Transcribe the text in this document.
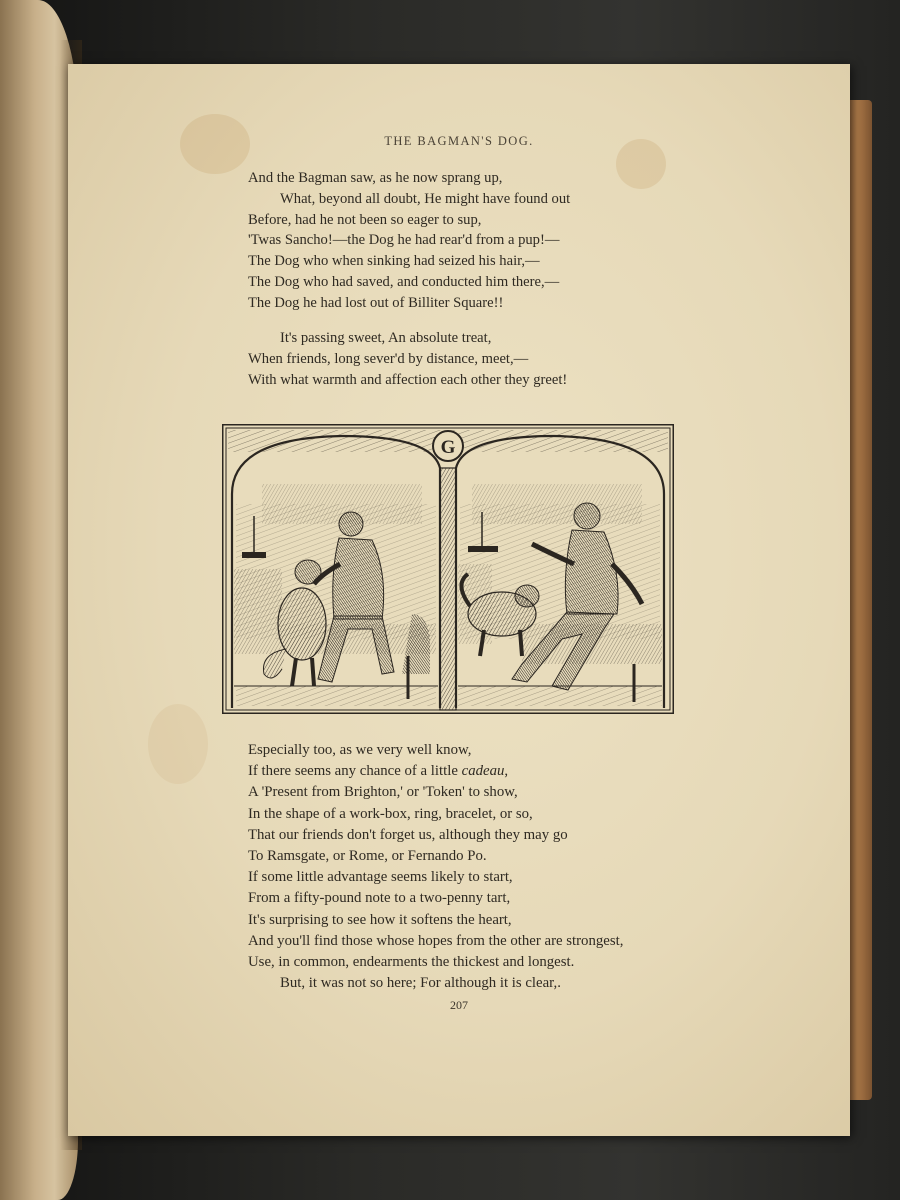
THE BAGMAN'S DOG.
And the Bagman saw, as he now sprang up,
What, beyond all doubt, He might have found out
Before, had he not been so eager to sup,
'Twas Sancho!—the Dog he had rear'd from a pup!—
The Dog who when sinking had seized his hair,—
The Dog who had saved, and conducted him there,—
The Dog he had lost out of Billiter Square!!
It's passing sweet, An absolute treat,
When friends, long sever'd by distance, meet,—
With what warmth and affection each other they greet!
G
Especially too, as we very well know,
If there seems any chance of a little cadeau,
A 'Present from Brighton,' or 'Token' to show,
In the shape of a work-box, ring, bracelet, or so,
That our friends don't forget us, although they may go
To Ramsgate, or Rome, or Fernando Po.
If some little advantage seems likely to start,
From a fifty-pound note to a two-penny tart,
It's surprising to see how it softens the heart,
And you'll find those whose hopes from the other are strongest,
Use, in common, endearments the thickest and longest.
But, it was not so here; For although it is clear,.
207
